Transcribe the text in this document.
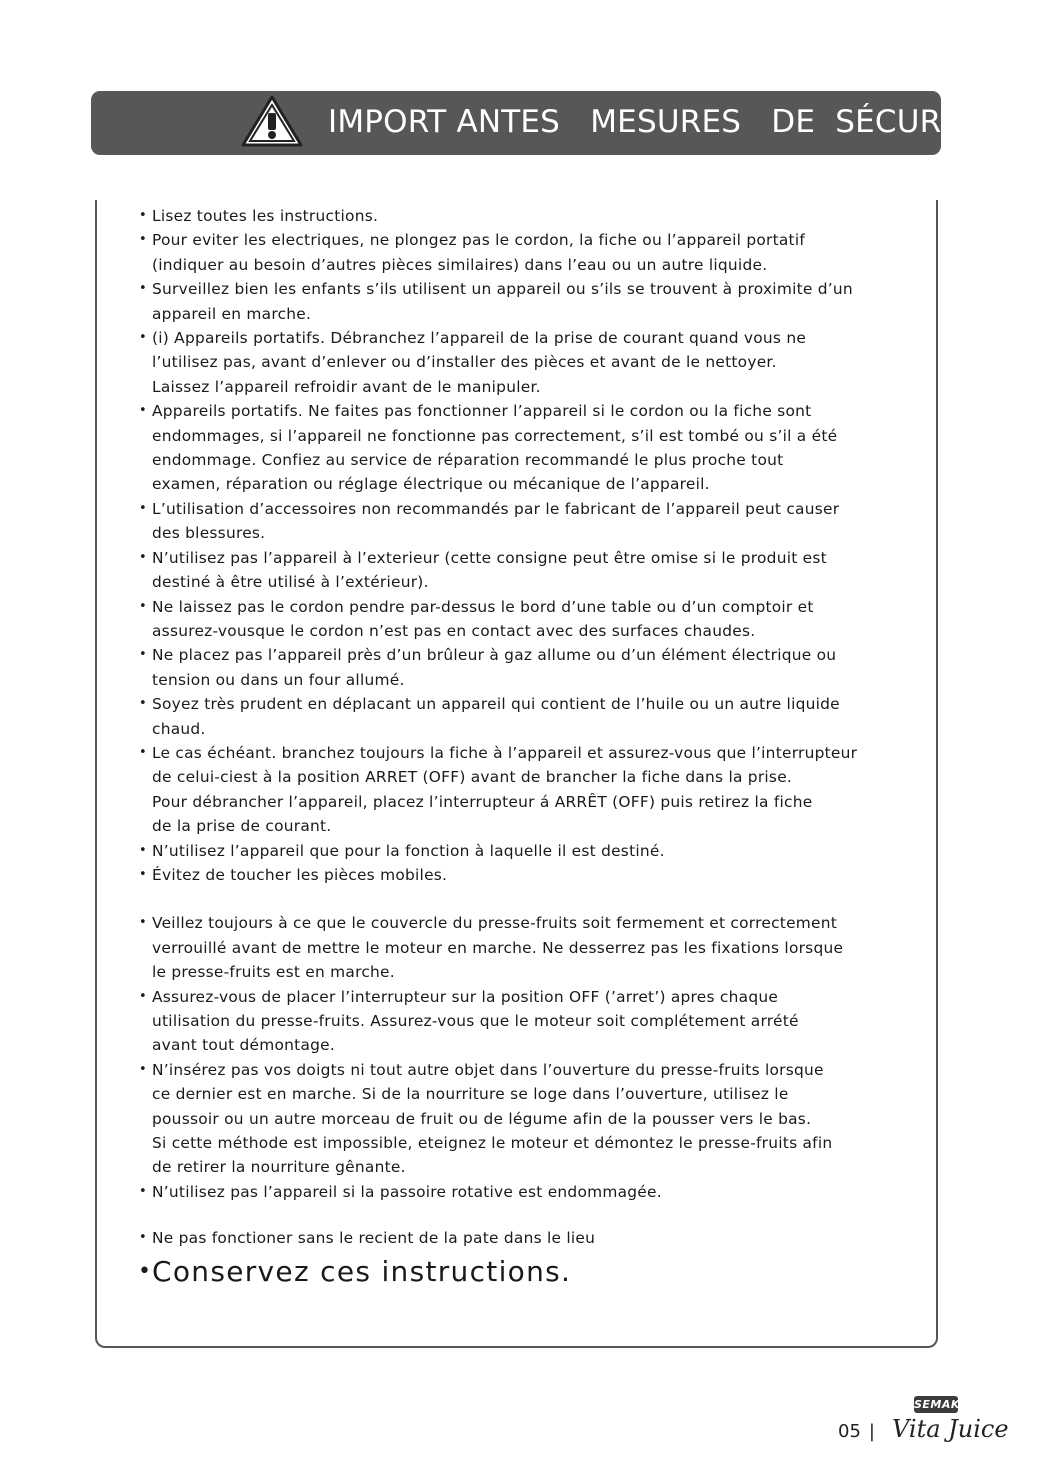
IMPORT ANTES   MESURES   DE  SÉCURITE´
• Lisez toutes les instructions.
• Pour eviter les electriques, ne plongez pas le cordon, la fiche ou l’appareil portatif
(indiquer au besoin d’autres pièces similaires) dans l’eau ou un autre liquide.
• Surveillez bien les enfants s’ils utilisent un appareil ou s’ils se trouvent à proximite d’un
appareil en marche.
• (i) Appareils portatifs. Débranchez l’appareil de la prise de courant quand vous ne
l’utilisez pas, avant d’enlever ou d’installer des pièces et avant de le nettoyer.
Laissez l’appareil refroidir avant de le manipuler.
• Appareils portatifs. Ne faites pas fonctionner l’appareil si le cordon ou la fiche sont
endommages, si l’appareil ne fonctionne pas correctement, s’il est tombé ou s’il a été
endommage. Confiez au service de réparation recommandé le plus proche tout
examen, réparation ou réglage électrique ou mécanique de l’appareil.
• L’utilisation d’accessoires non recommandés par le fabricant de l’appareil peut causer
des blessures.
• N’utilisez pas l’appareil à l’exterieur (cette consigne peut être omise si le produit est
destiné à être utilisé à l’extérieur).
• Ne laissez pas le cordon pendre par-dessus le bord d’une table ou d’un comptoir et
assurez-vousque le cordon n’est pas en contact avec des surfaces chaudes.
• Ne placez pas l’appareil près d’un brûleur à gaz allume ou d’un élément électrique ou
tension ou dans un four allumé.
• Soyez très prudent en déplacant un appareil qui contient de l’huile ou un autre liquide
chaud.
• Le cas échéant. branchez toujours la fiche à l’appareil et assurez-vous que l’interrupteur
de celui-ciest à la position ARRET (OFF) avant de brancher la fiche dans la prise.
Pour débrancher l’appareil, placez l’interrupteur á ARRÊT (OFF) puis retirez la fiche
de la prise de courant.
• N’utilisez l’appareil que pour la fonction à laquelle il est destiné.
• Évitez de toucher les pièces mobiles.
• Veillez toujours à ce que le couvercle du presse-fruits soit fermement et correctement
verrouillé avant de mettre le moteur en marche. Ne desserrez pas les fixations lorsque
le presse-fruits est en marche.
• Assurez-vous de placer l’interrupteur sur la position OFF (’arret’) apres chaque
utilisation du presse-fruits. Assurez-vous que le moteur soit complétement arrété
avant tout démontage.
• N’insérez pas vos doigts ni tout autre objet dans l’ouverture du presse-fruits lorsque
ce dernier est en marche. Si de la nourriture se loge dans l’ouverture, utilisez le
poussoir ou un autre morceau de fruit ou de légume afin de la pousser vers le bas.
Si cette méthode est impossible, eteignez le moteur et démontez le presse-fruits afin
de retirer la nourriture gênante.
• N’utilisez pas l’appareil si la passoire rotative est endommagée.
• Ne pas fonctioner sans le recient de la pate dans le lieu
• Conservez ces instructions.
SEMAK
05 | Vita Juice
